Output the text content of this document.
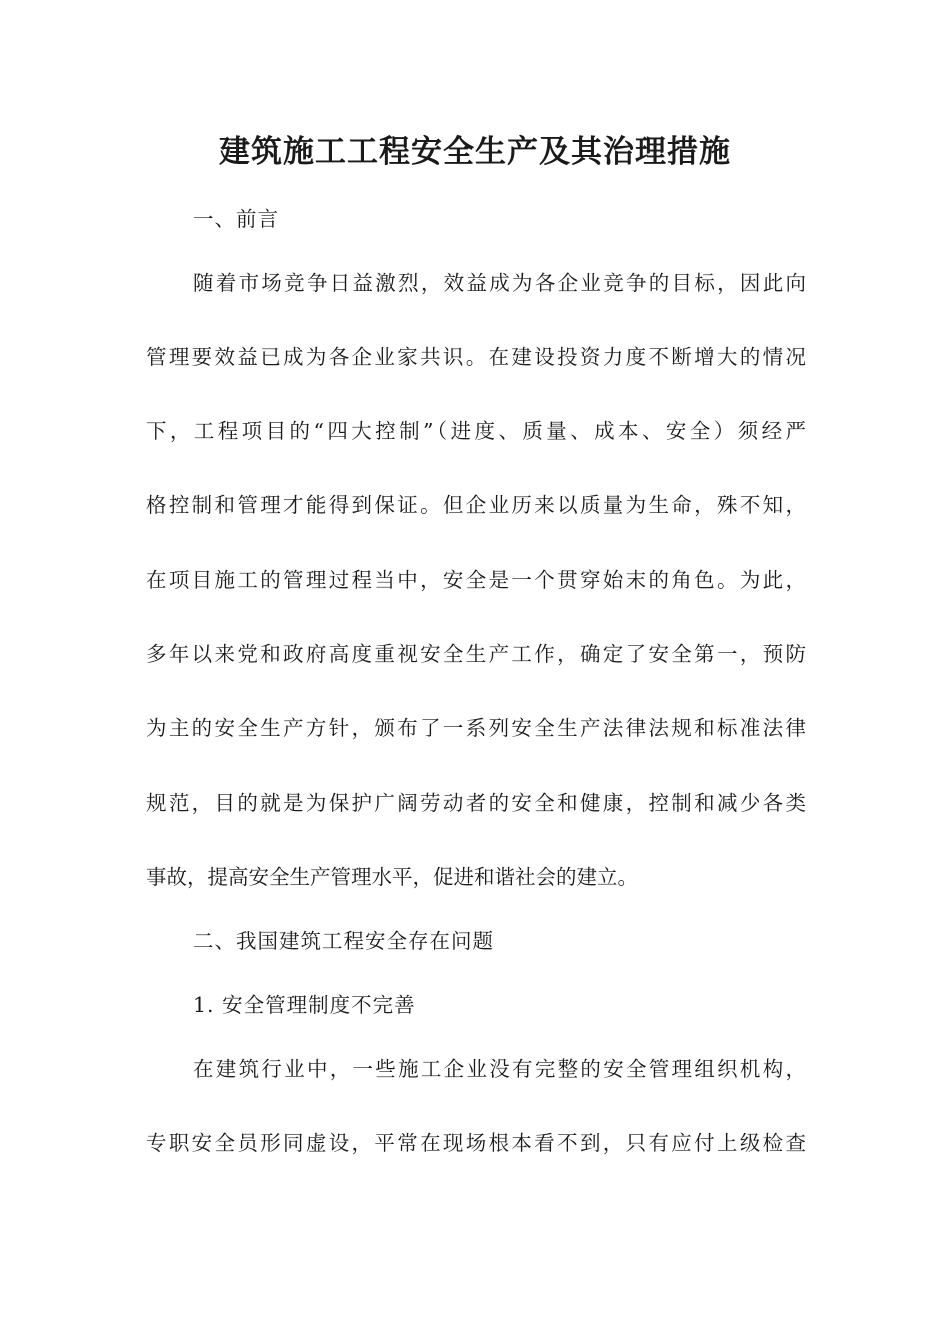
建筑施工工程安全生产及其治理措施
一、前言
随着市场竞争日益激烈，效益成为各企业竞争的目标，因此向
管理要效益已成为各企业家共识。在建设投资力度不断增大的情况
下，工程项目的“四大控制”（进度、质量、成本、安全）须经严
格控制和管理才能得到保证。但企业历来以质量为生命，殊不知，
在项目施工的管理过程当中，安全是一个贯穿始末的角色。为此，
多年以来党和政府高度重视安全生产工作，确定了安全第一，预防
为主的安全生产方针，颁布了一系列安全生产法律法规和标准法律
规范，目的就是为保护广阔劳动者的安全和健康，控制和减少各类
事故，提高安全生产管理水平，促进和谐社会的建立。
二、我国建筑工程安全存在问题
1. 安全管理制度不完善
在建筑行业中，一些施工企业没有完整的安全管理组织机构，
专职安全员形同虚设，平常在现场根本看不到，只有应付上级检查
